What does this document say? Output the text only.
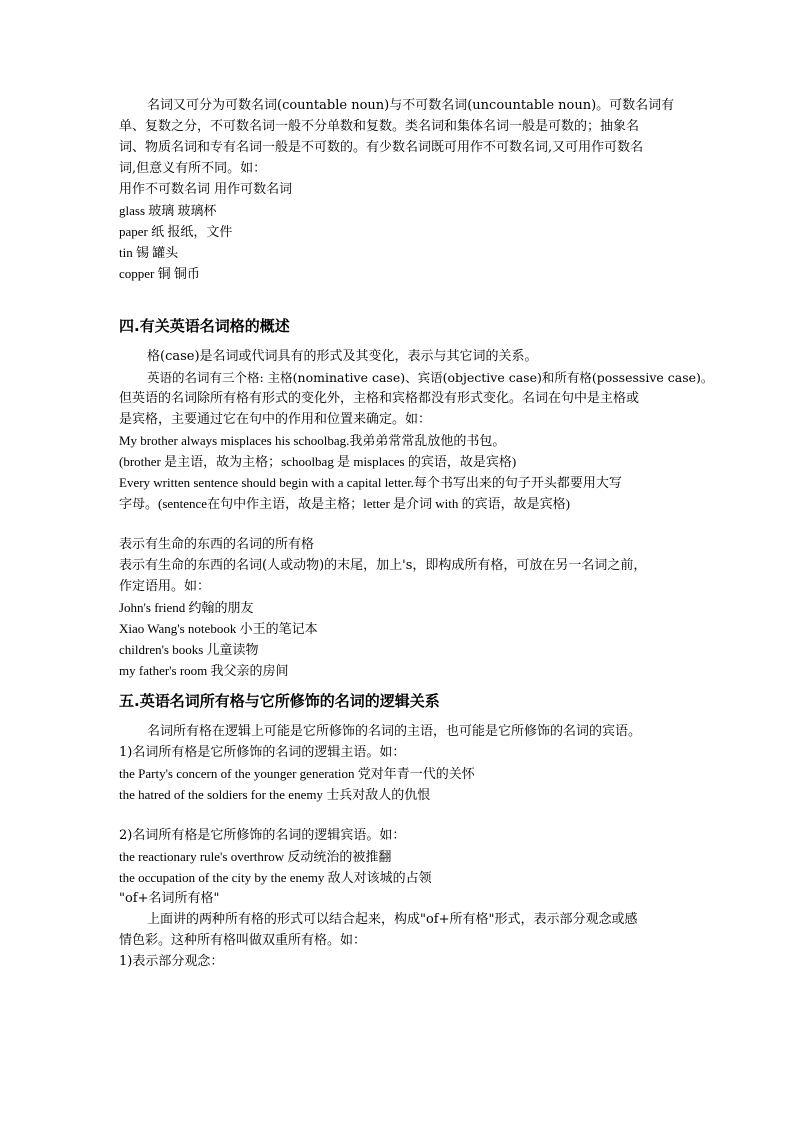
名词又可分为可数名词(countable noun)与不可数名词(uncountable noun)。可数名词有
单、复数之分，不可数名词一般不分单数和复数。类名词和集体名词一般是可数的；抽象名
词、物质名词和专有名词一般是不可数的。有少数名词既可用作不可数名词,又可用作可数名
词,但意义有所不同。如：
用作不可数名词 用作可数名词
glass 玻璃 玻璃杯
paper 纸 报纸，文件
tin 锡 罐头
copper 铜 铜币
四.有关英语名词格的概述
格(case)是名词或代词具有的形式及其变化，表示与其它词的关系。
英语的名词有三个格: 主格(nominative case)、宾语(objective case)和所有格(possessive case)。
但英语的名词除所有格有形式的变化外，主格和宾格都没有形式变化。名词在句中是主格或
是宾格，主要通过它在句中的作用和位置来确定。如：
My brother always misplaces his schoolbag.我弟弟常常乱放他的书包。
(brother 是主语，故为主格；schoolbag 是 misplaces 的宾语，故是宾格)
Every written sentence should begin with a capital letter.每个书写出来的句子开头都要用大写
字母。(sentence在句中作主语，故是主格；letter 是介词 with 的宾语，故是宾格)
表示有生命的东西的名词的所有格
表示有生命的东西的名词(人或动物)的末尾，加上's，即构成所有格，可放在另一名词之前，
作定语用。如：
John's friend 约翰的朋友
Xiao Wang's notebook 小王的笔记本
children's books 儿童读物
my father's room 我父亲的房间
五.英语名词所有格与它所修饰的名词的逻辑关系
名词所有格在逻辑上可能是它所修饰的名词的主语，也可能是它所修饰的名词的宾语。
1)名词所有格是它所修饰的名词的逻辑主语。如：
the Party's concern of the younger generation 党对年青一代的关怀
the hatred of the soldiers for the enemy 士兵对敌人的仇恨
2)名词所有格是它所修饰的名词的逻辑宾语。如：
the reactionary rule's overthrow 反动统治的被推翻
the occupation of the city by the enemy 敌人对该城的占领
"of+名词所有格"
上面讲的两种所有格的形式可以结合起来，构成"of+所有格"形式，表示部分观念或感
情色彩。这种所有格叫做双重所有格。如：
1)表示部分观念：
